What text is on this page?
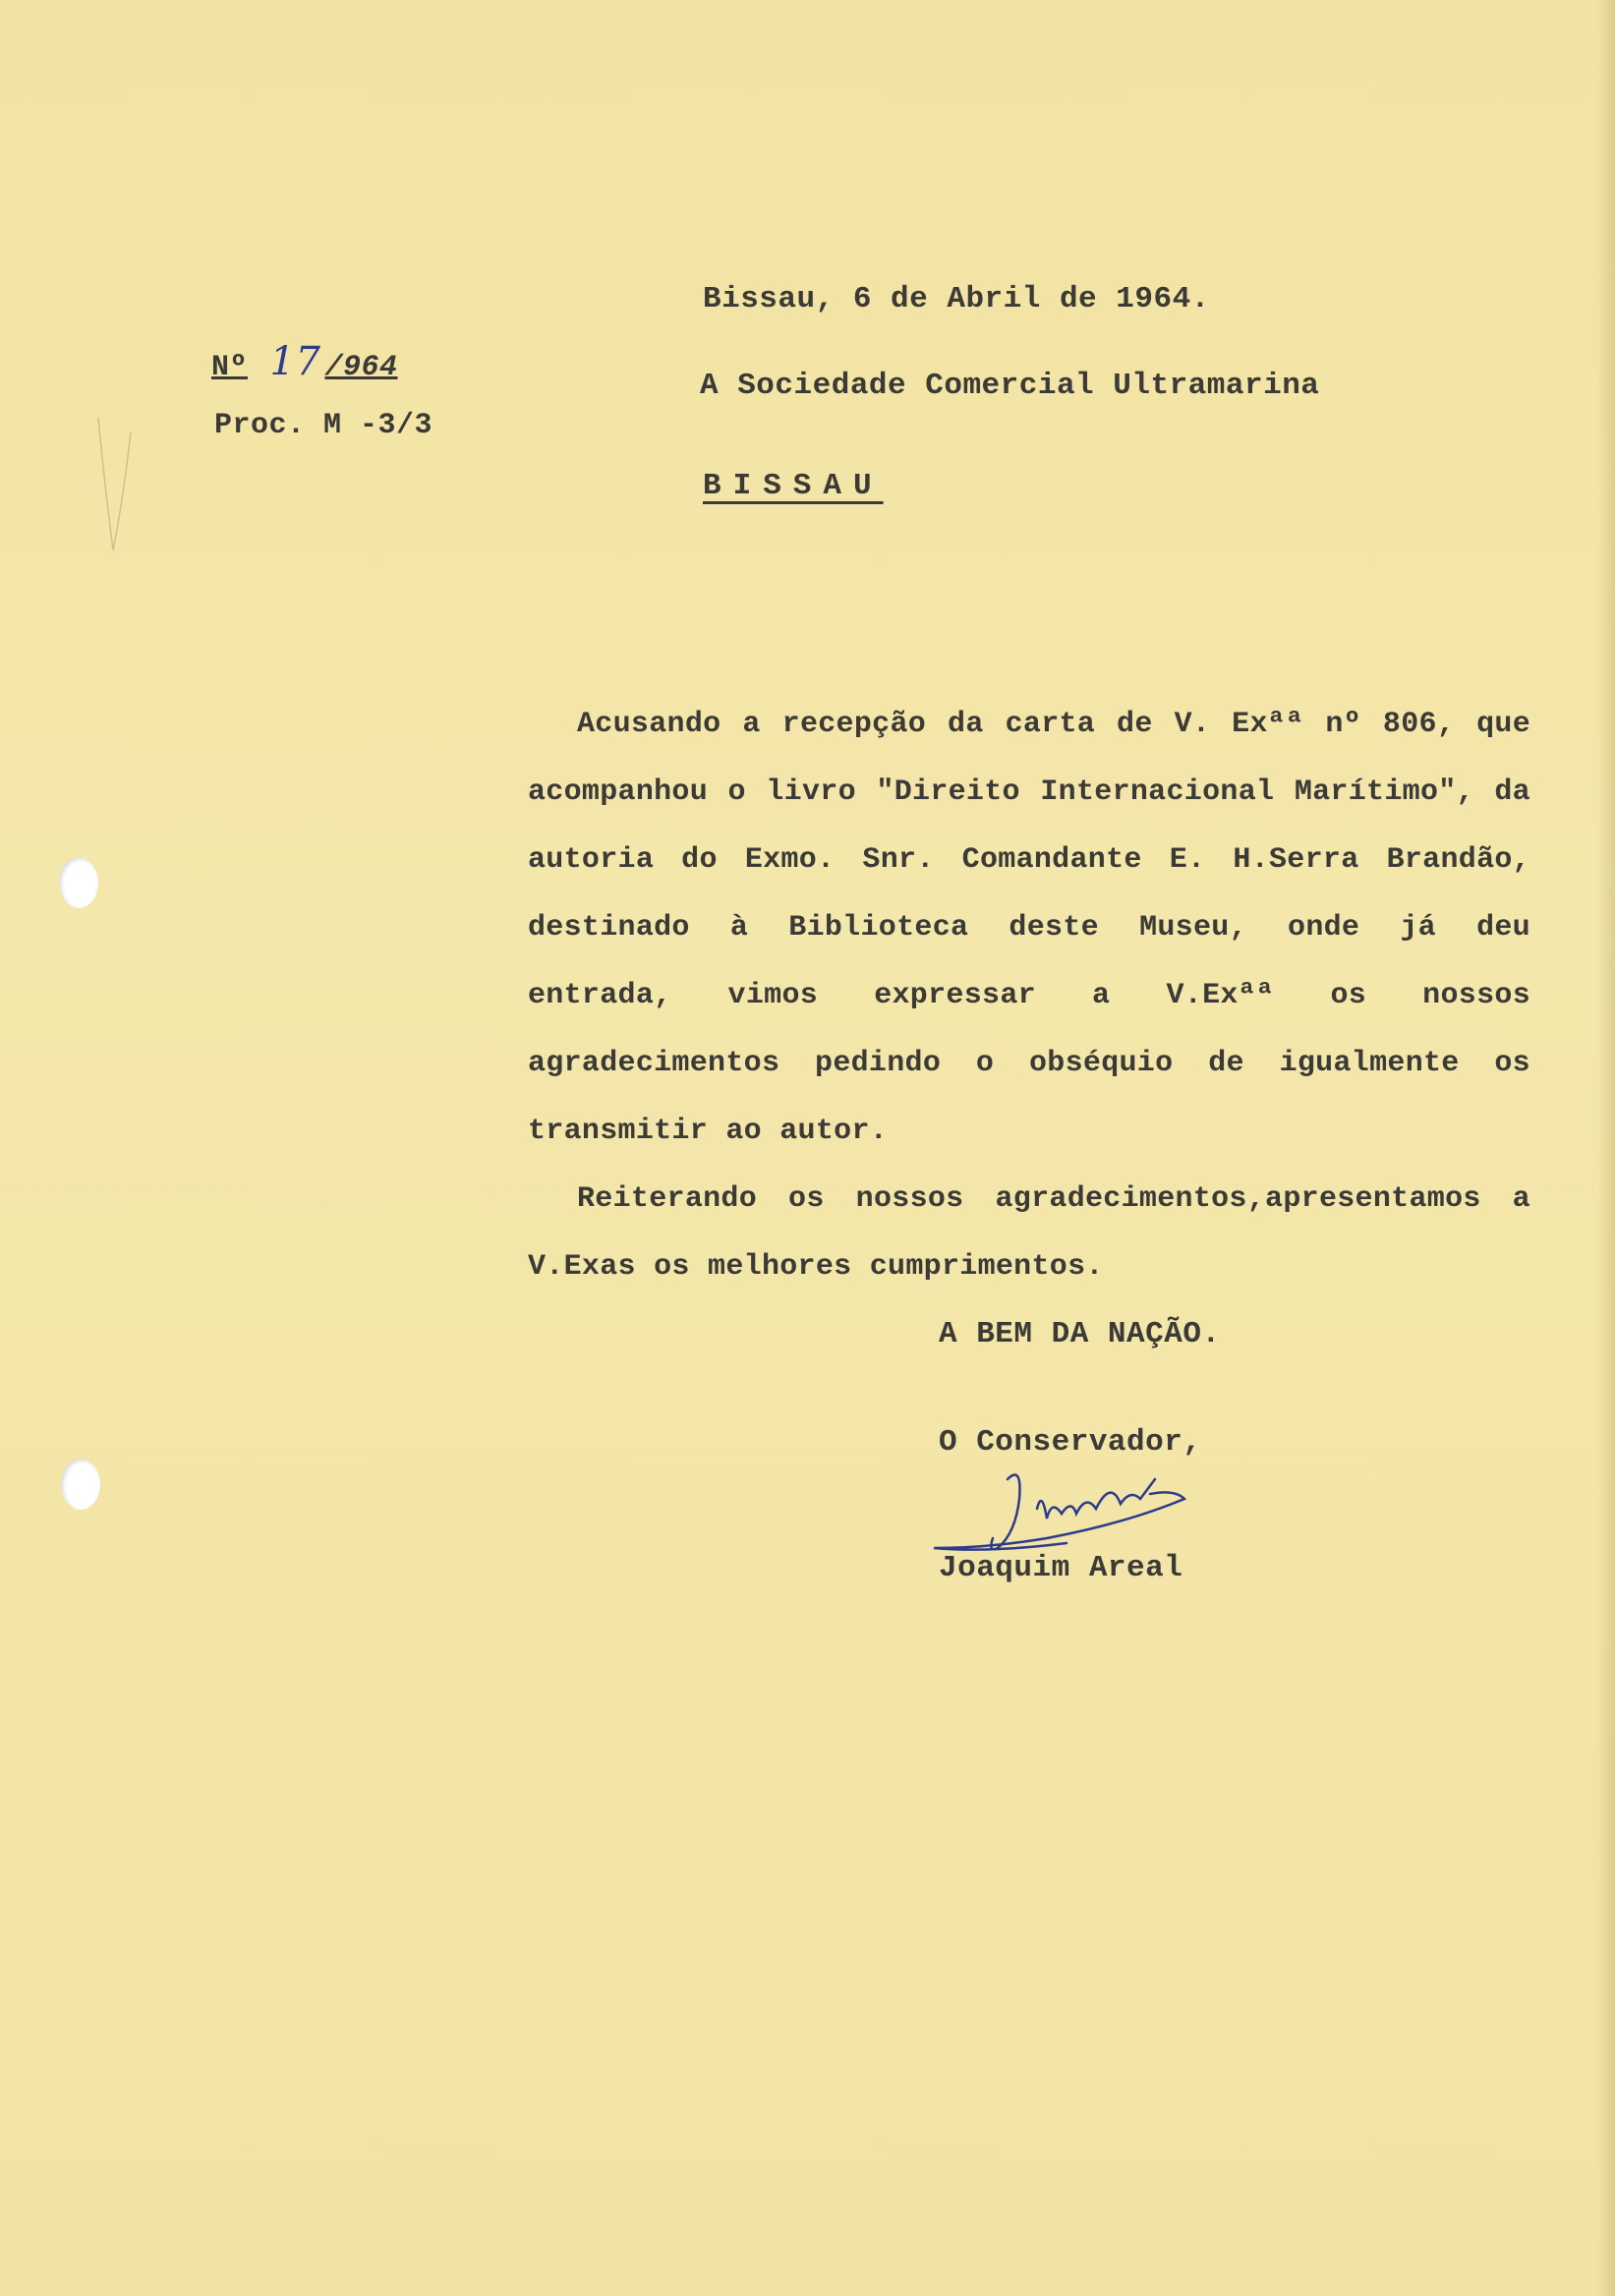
Nº 17 /964
Proc. M -3/3
Bissau, 6 de Abril de 1964.
A Sociedade Comercial Ultramarina
BISSAU

Acusando a recepção da carta de V. Exªª nº 806, que acompanhou o livro "Direito Internacional Marítimo", da autoria do Exmo. Snr. Comandante E. H.Serra Brandão, destinado à Biblioteca deste Museu, onde já deu entrada, vimos expressar a V.Exªª os nossos agradecimentos pedindo o obséquio de igualmente os transmitir ao autor.

Reiterando os nossos agradecimentos,apresentamos a V.Exas os melhores cumprimentos.

A BEM DA NAÇÃO.
O Conservador,
Joaquim Areal
